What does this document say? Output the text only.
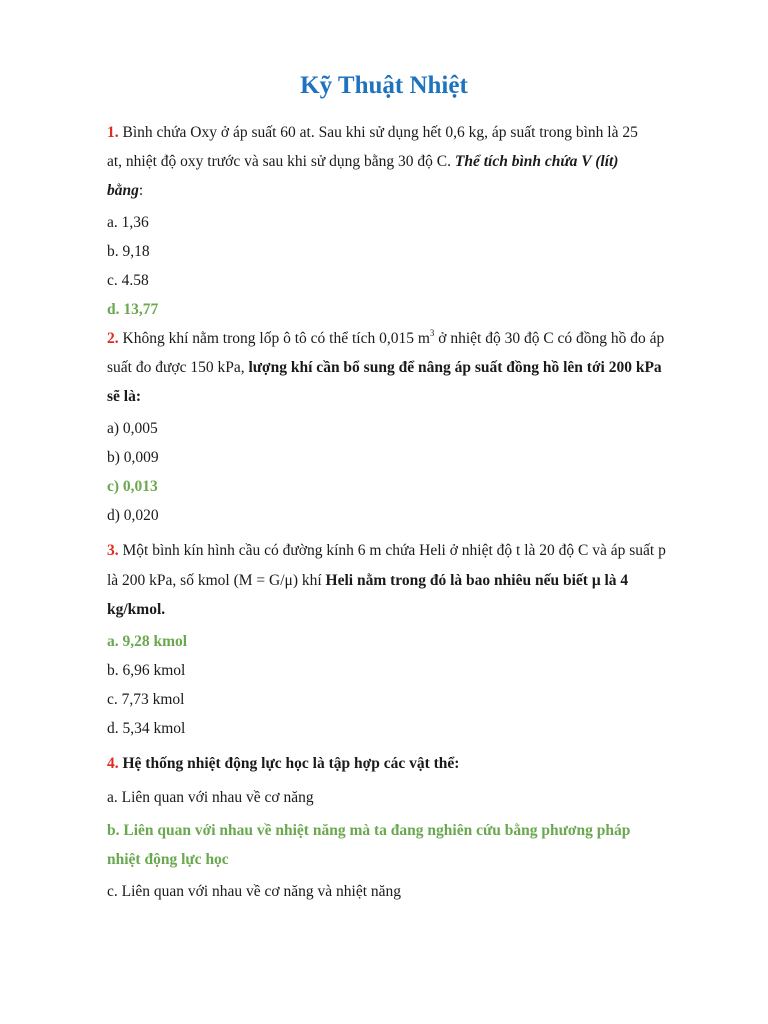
Kỹ Thuật Nhiệt
1. Bình chứa Oxy ở áp suất 60 at. Sau khi sử dụng hết 0,6 kg, áp suất trong bình là 25
at, nhiệt độ oxy trước và sau khi sử dụng bằng 30 độ C. Thể tích bình chứa V (lít)
bằng:
a. 1,36
b. 9,18
c. 4.58
d. 13,77
2. Không khí nằm trong lốp ô tô có thể tích 0,015 $m^3$ ở nhiệt độ 30 độ C có đồng hồ đo áp
suất đo được 150 kPa, lượng khí cần bổ sung để nâng áp suất đồng hồ lên tới 200 kPa
sẽ là:
a) 0,005
b) 0,009
c) 0,013
d) 0,020
3. Một bình kín hình cầu có đường kính 6 m chứa Heli ở nhiệt độ t là 20 độ C và áp suất p
là 200 kPa, số kmol (M = G/μ) khí Heli nằm trong đó là bao nhiêu nếu biết μ là 4
kg/kmol.
a. 9,28 kmol
b. 6,96 kmol
c. 7,73 kmol
d. 5,34 kmol
4. Hệ thống nhiệt động lực học là tập hợp các vật thể:
a. Liên quan với nhau về cơ năng
b. Liên quan với nhau về nhiệt năng mà ta đang nghiên cứu bằng phương pháp
nhiệt động lực học
c. Liên quan với nhau về cơ năng và nhiệt năng
